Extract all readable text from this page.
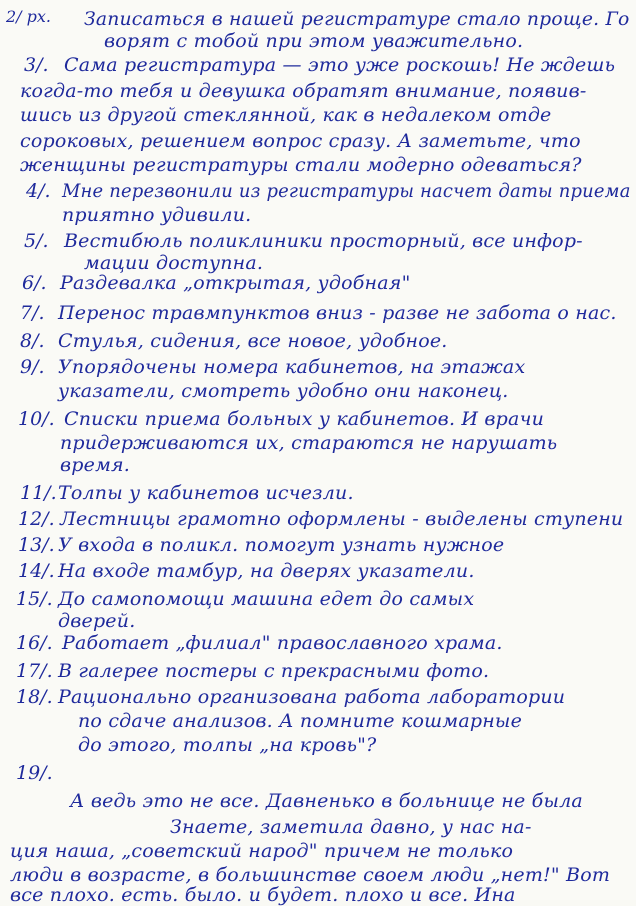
2/ рх. Записаться в нашей регистратуре стало проще. Го
ворят с тобой при этом уважительно.
3/. Сама регистратура — это уже роскошь! Не ждешь
когда-то тебя и девушка обратят внимание, появив-
шись из другой стеклянной, как в недалеком отде
сороковых, решением вопрос сразу. А заметьте, что
женщины регистратуры стали модерно одеваться?
4/. Мне перезвонили из регистратуры насчет даты приема
приятно удивили.
5/. Вестибюль поликлиники просторный, все инфор-
мации доступна.
6/. Раздевалка „открытая, удобная"
7/. Перенос травмпунктов вниз - разве не забота о нас.
8/. Стулья, сидения, все новое, удобное.
9/. Упорядочены номера кабинетов, на этажах
указатели, смотреть удобно они наконец.
10/. Списки приема больных у кабинетов. И врачи
придерживаются их, стараются не нарушать
время.
11/. Толпы у кабинетов исчезли.
12/. Лестницы грамотно оформлены - выделены ступени
13/. У входа в поликл. помогут узнать нужное
14/. На входе тамбур, на дверях указатели.
15/. До самопомощи машина едет до самых
дверей.
16/. Работает „филиал" православного храма.
17/. В галерее постеры с прекрасными фото.
18/. Рационально организована работа лаборатории
по сдаче анализов. А помните кошмарные
до этого, толпы „на кровь"?
19/.
А ведь это не все. Давненько в больнице не была
Знаете, заметила давно, у нас на-
ция наша, „советский народ" причем не только
люди в возрасте, в большинстве своем люди „нет!" Вот
все плохо. есть. было. и будет. плохо и все. Ина
